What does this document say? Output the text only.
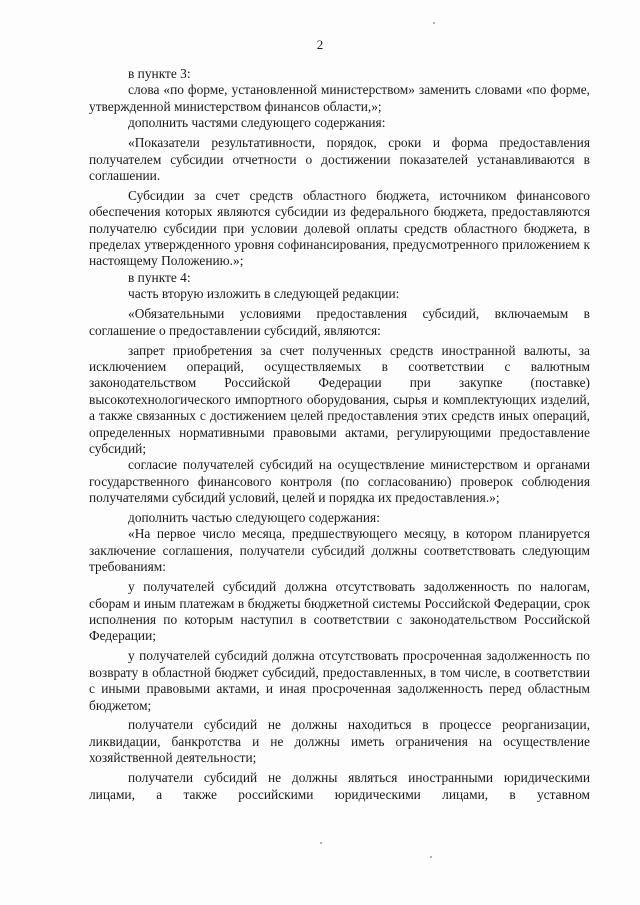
2

в пункте 3:

слова «по форме, установленной министерством» заменить словами «по форме, утвержденной министерством финансов области,»;

дополнить частями следующего содержания:

«Показатели результативности, порядок, сроки и форма предоставления получателем субсидии отчетности о достижении показателей устанавливаются в соглашении.

Субсидии за счет средств областного бюджета, источником финансового обеспечения которых являются субсидии из федерального бюджета, предоставляются получателю субсидии при условии долевой оплаты средств областного бюджета, в пределах утвержденного уровня софинансирования, предусмотренного приложением к настоящему Положению.»;

в пункте 4:

часть вторую изложить в следующей редакции:

«Обязательными условиями предоставления субсидий, включаемым в соглашение о предоставлении субсидий, являются:

запрет приобретения за счет полученных средств иностранной валюты, за исключением операций, осуществляемых в соответствии с валютным законодательством Российской Федерации при закупке (поставке) высокотехнологического импортного оборудования, сырья и комплектующих изделий, а также связанных с достижением целей предоставления этих средств иных операций, определенных нормативными правовыми актами, регулирующими предоставление субсидий;

согласие получателей субсидий на осуществление министерством и органами государственного финансового контроля (по согласованию) проверок соблюдения получателями субсидий условий, целей и порядка их предоставления.»;

дополнить частью следующего содержания:

«На первое число месяца, предшествующего месяцу, в котором планируется заключение соглашения, получатели субсидий должны соответствовать следующим требованиям:

у получателей субсидий должна отсутствовать задолженность по налогам, сборам и иным платежам в бюджеты бюджетной системы Российской Федерации, срок исполнения по которым наступил в соответствии с законодательством Российской Федерации;

у получателей субсидий должна отсутствовать просроченная задолженность по возврату в областной бюджет субсидий, предоставленных, в том числе, в соответствии с иными правовыми актами, и иная просроченная задолженность перед областным бюджетом;

получатели субсидий не должны находиться в процессе реорганизации, ликвидации, банкротства и не должны иметь ограничения на осуществление хозяйственной деятельности;

получатели субсидий не должны являться иностранными юридическими лицами, а также российскими юридическими лицами, в уставном
